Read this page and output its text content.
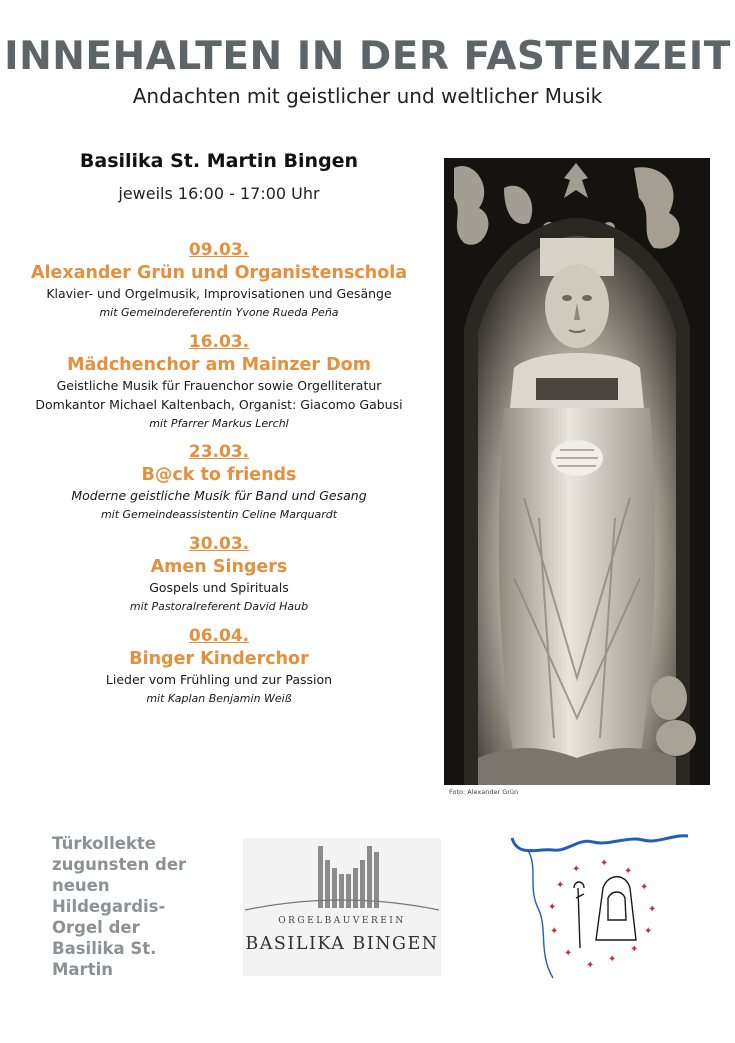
INNEHALTEN IN DER FASTENZEIT
Andachten mit geistlicher und weltlicher Musik
Basilika St. Martin Bingen
jeweils 16:00 - 17:00 Uhr
09.03.
Alexander Grün und Organistenschola
Klavier- und Orgelmusik, Improvisationen und Gesänge
mit Gemeindereferentin Yvone Rueda Peña
16.03.
Mädchenchor am Mainzer Dom
Geistliche Musik für Frauenchor sowie Orgelliteratur
Domkantor Michael Kaltenbach, Organist: Giacomo Gabusi
mit Pfarrer Markus Lerchl
23.03.
B@ck to friends
Moderne geistliche Musik für Band und Gesang
mit Gemeindeassistentin Celine Marquardt
30.03.
Amen Singers
Gospels und Spirituals
mit Pastoralreferent David Haub
06.04.
Binger Kinderchor
Lieder vom Frühling und zur Passion
mit Kaplan Benjamin Weiß
Foto: Alexander Grün
Türkollekte zugunsten der neuen Hildegardis-Orgel der Basilika St. Martin
ORGELBAUVEREIN
BASILIKA BINGEN
✦
✦
✦
✦
✦
✦
✦
✦
✦
✦
✦
✦
✦
